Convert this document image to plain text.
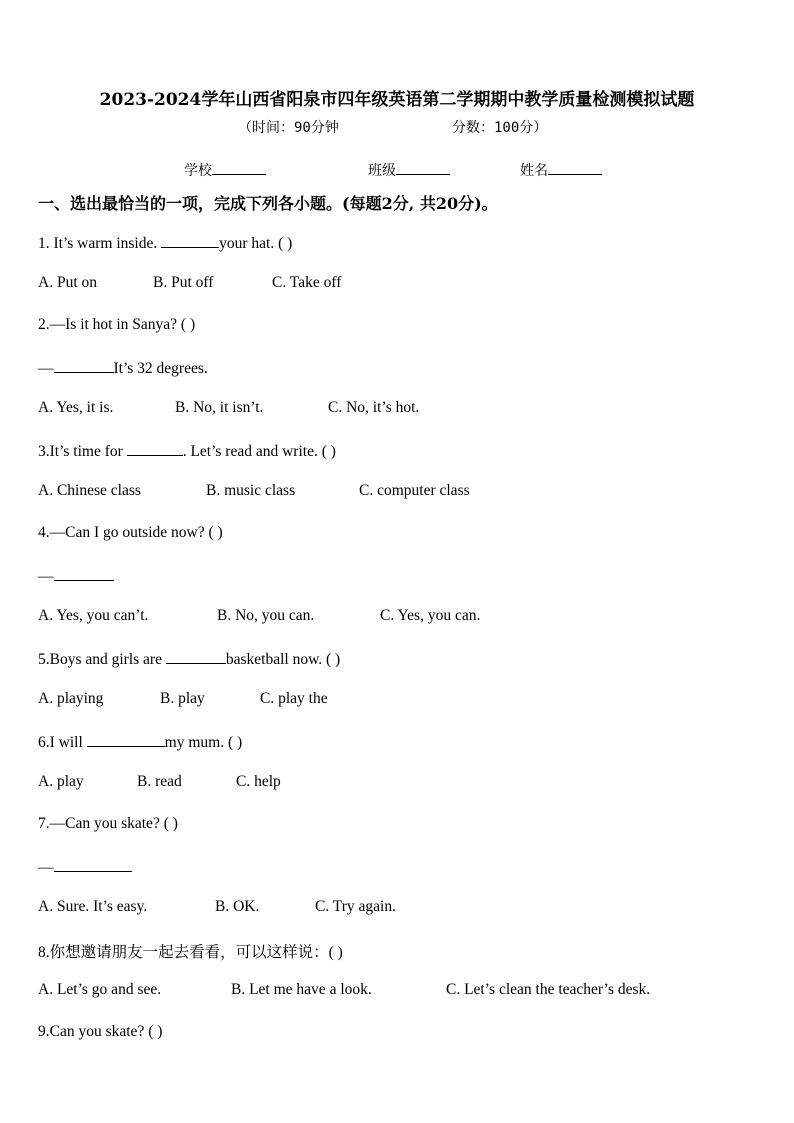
2023-2024学年山西省阳泉市四年级英语第二学期期中教学质量检测模拟试题
（时间：90分钟	分数：100分）
学校	班级	姓名
一、选出最恰当的一项，完成下列各小题。(每题2分, 共20分)。
1. It’s warm inside.	your hat. ( )
A. Put on	B. Put off	C. Take off
2.—Is it hot in Sanya? ( )
—	It’s 32 degrees.
A. Yes, it is.	B. No, it isn’t.	C. No, it’s hot.
3.It’s time for	. Let’s read and write. ( )
A. Chinese class	B. music class	C. computer class
4.—Can I go outside now? ( )
—
A. Yes, you can’t.	B. No, you can.	C. Yes, you can.
5.Boys and girls are	basketball now. ( )
A. playing	B. play	C. play the
6.I will	my mum. ( )
A. play	B. read	C. help
7.—Can you skate? ( )
—
A. Sure. It’s easy.	B. OK.	C. Try again.
8.你想邀请朋友一起去看看，可以这样说：( )
A. Let’s go and see.	B. Let me have a look.	C. Let’s clean the teacher’s desk.
9.Can you skate? ( )
